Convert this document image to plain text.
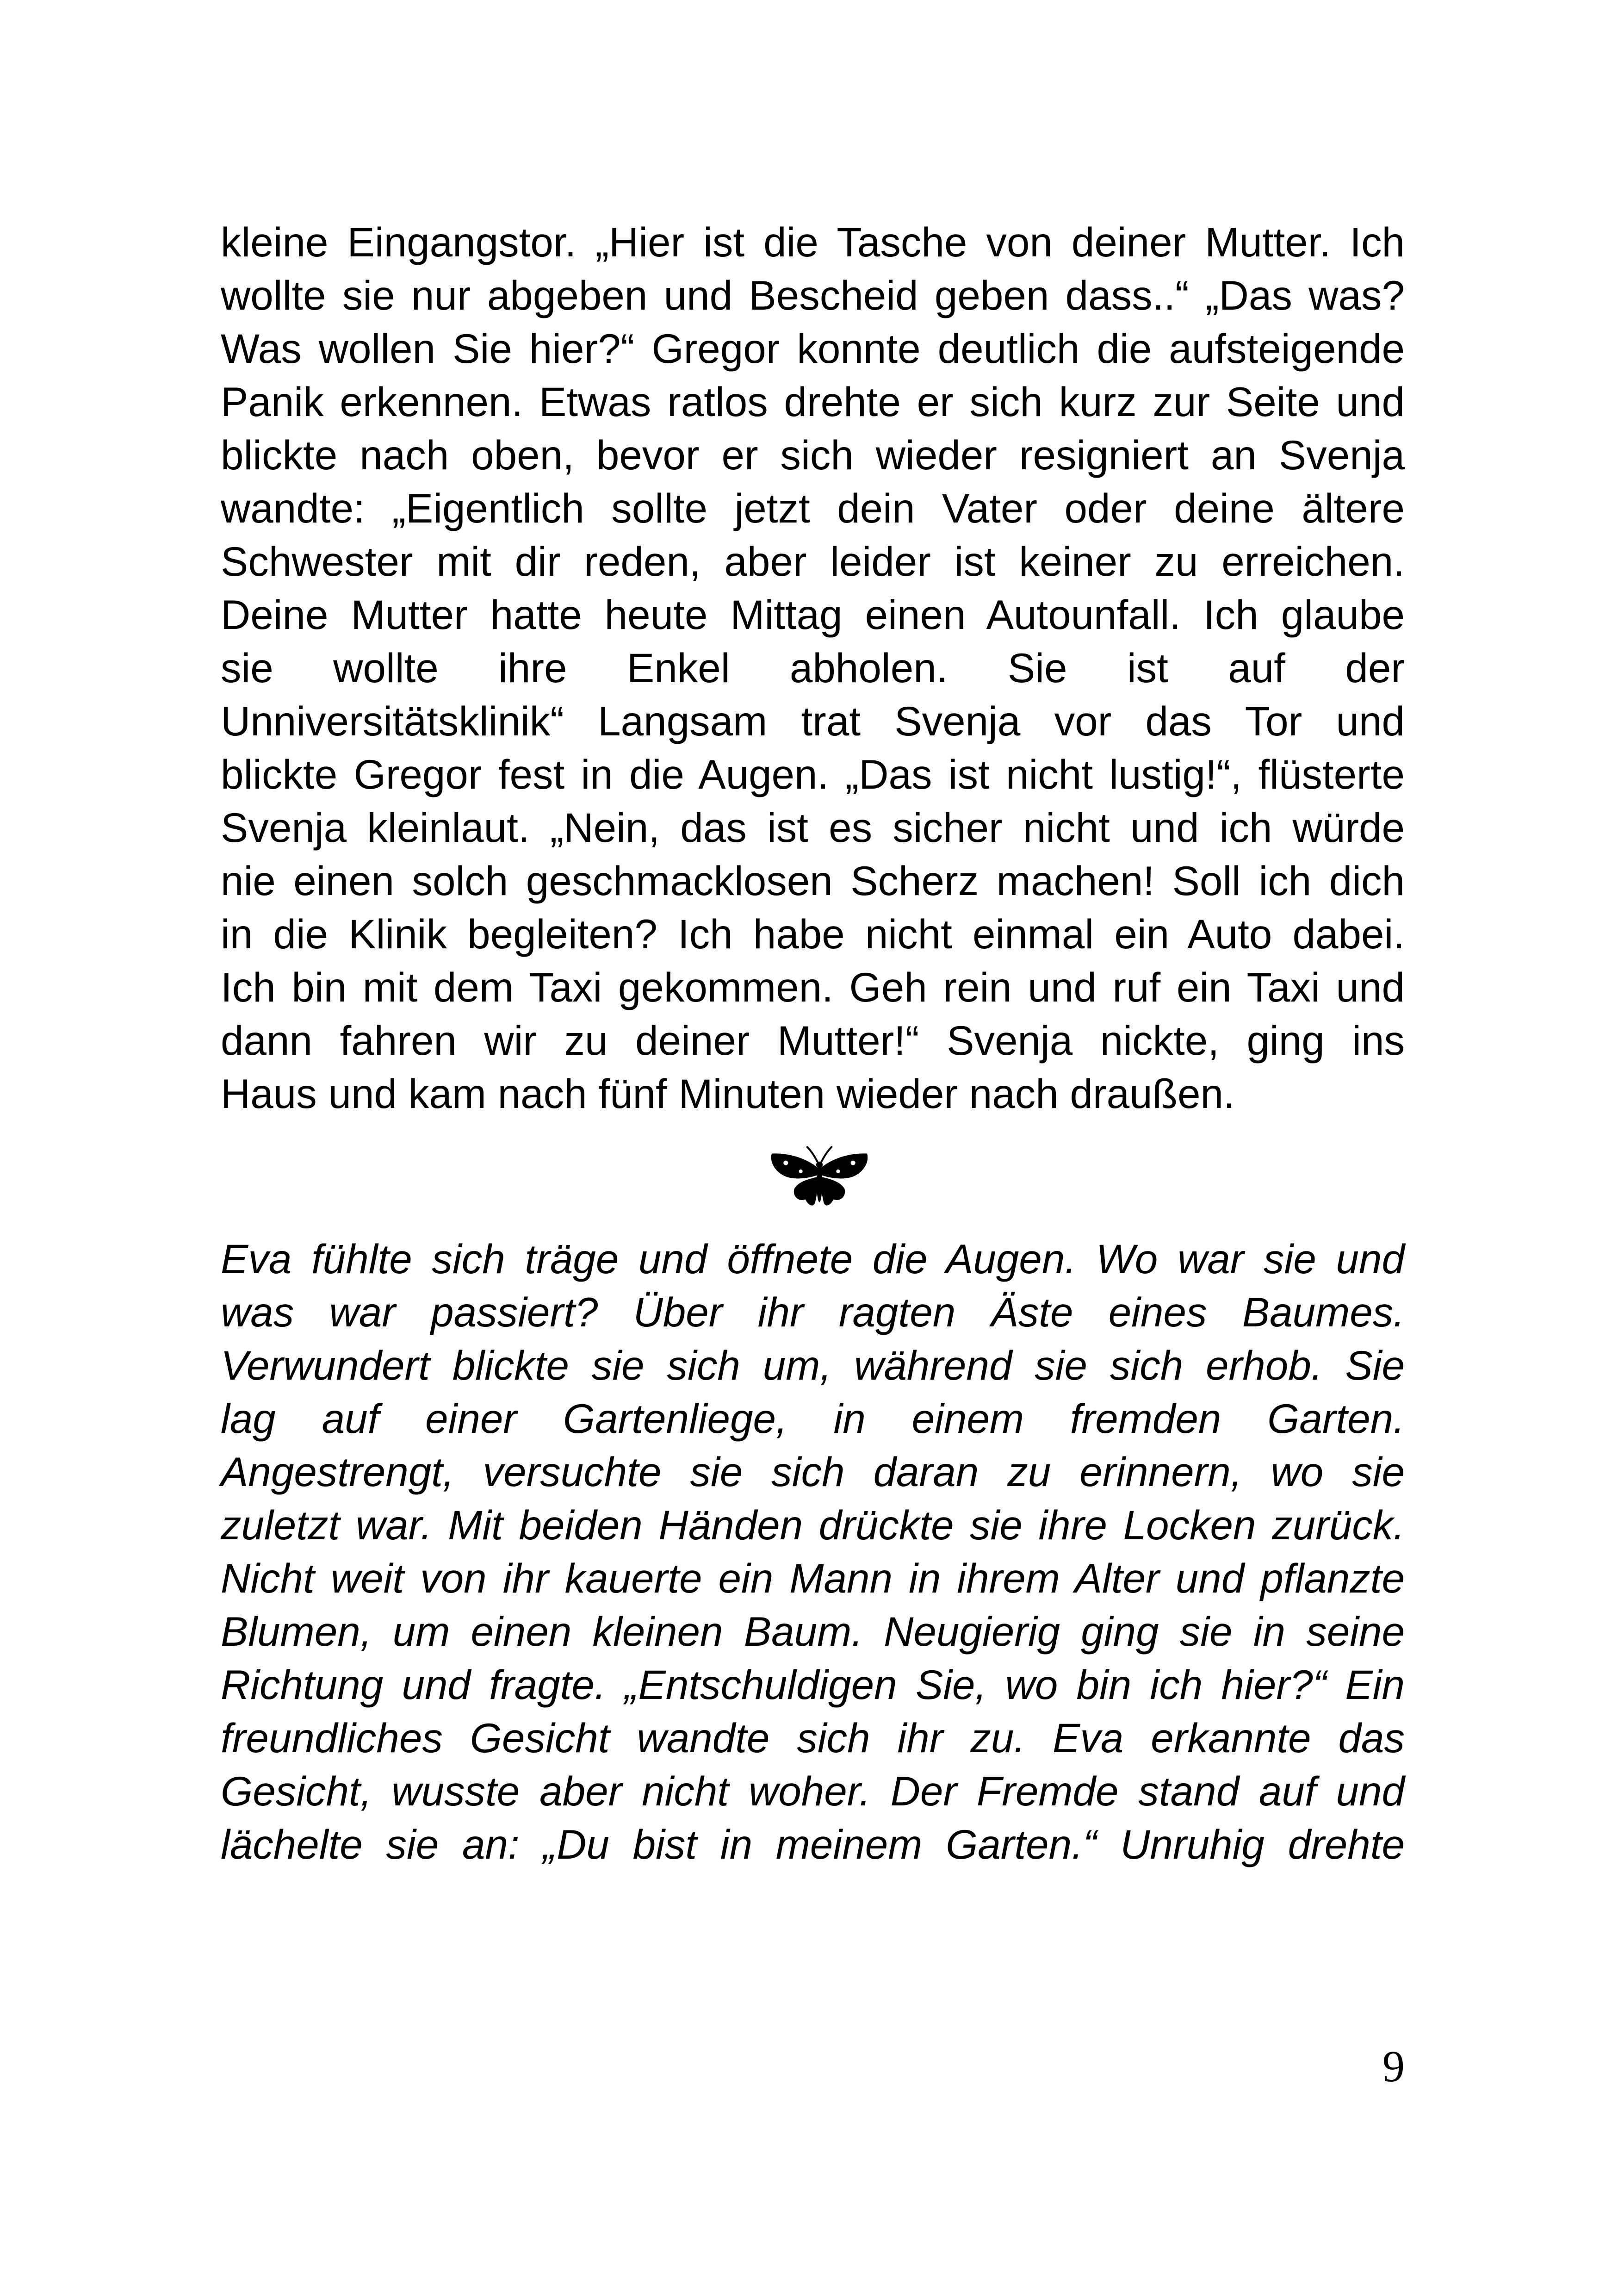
kleine Eingangstor. „Hier ist die Tasche von deiner Mutter. Ich
wollte sie nur abgeben und Bescheid geben dass..“ „Das was?
Was wollen Sie hier?“ Gregor konnte deutlich die aufsteigende
Panik erkennen. Etwas ratlos drehte er sich kurz zur Seite und
blickte nach oben, bevor er sich wieder resigniert an Svenja
wandte: „Eigentlich sollte jetzt dein Vater oder deine ältere
Schwester mit dir reden, aber leider ist keiner zu erreichen.
Deine Mutter hatte heute Mittag einen Autounfall. Ich glaube
sie wollte ihre Enkel abholen. Sie ist auf der
Unniversitätsklinik“ Langsam trat Svenja vor das Tor und
blickte Gregor fest in die Augen. „Das ist nicht lustig!“, flüsterte
Svenja kleinlaut. „Nein, das ist es sicher nicht und ich würde
nie einen solch geschmacklosen Scherz machen! Soll ich dich
in die Klinik begleiten? Ich habe nicht einmal ein Auto dabei.
Ich bin mit dem Taxi gekommen. Geh rein und ruf ein Taxi und
dann fahren wir zu deiner Mutter!“ Svenja nickte, ging ins
Haus und kam nach fünf Minuten wieder nach draußen.
Eva fühlte sich träge und öffnete die Augen. Wo war sie und
was war passiert? Über ihr ragten Äste eines Baumes.
Verwundert blickte sie sich um, während sie sich erhob. Sie
lag auf einer Gartenliege, in einem fremden Garten.
Angestrengt, versuchte sie sich daran zu erinnern, wo sie
zuletzt war. Mit beiden Händen drückte sie ihre Locken zurück.
Nicht weit von ihr kauerte ein Mann in ihrem Alter und pflanzte
Blumen, um einen kleinen Baum. Neugierig ging sie in seine
Richtung und fragte. „Entschuldigen Sie, wo bin ich hier?“ Ein
freundliches Gesicht wandte sich ihr zu. Eva erkannte das
Gesicht, wusste aber nicht woher. Der Fremde stand auf und
lächelte sie an: „Du bist in meinem Garten.“ Unruhig drehte
9
